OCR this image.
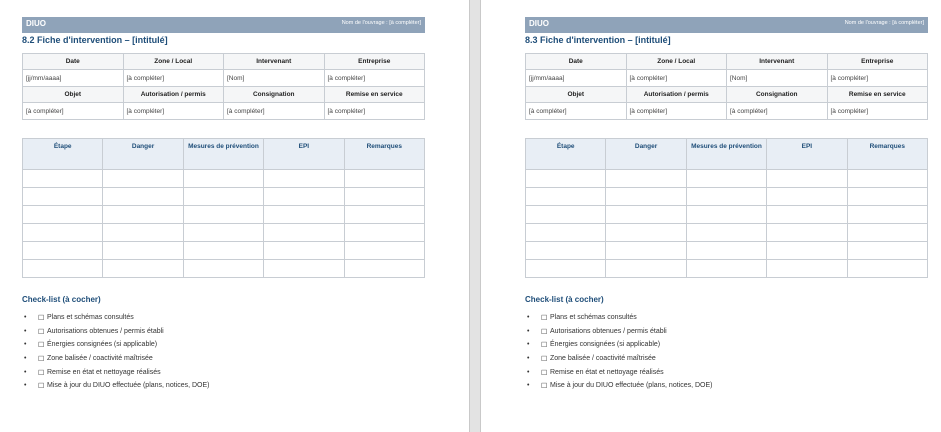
DIUO	Nom de l'ouvrage : [à compléter]
8.2 Fiche d'intervention – [intitulé]
Date	Zone / Local	Intervenant	Entreprise
[jj/mm/aaaa]	[à compléter]	[Nom]	[à compléter]
Objet	Autorisation / permis	Consignation	Remise en service
[à compléter]	[à compléter]	[à compléter]	[à compléter]
Étape	Danger	Mesures de prévention	EPI	Remarques

Check-list (à cocher)
• ☐ Plans et schémas consultés
• ☐ Autorisations obtenues / permis établi
• ☐ Énergies consignées (si applicable)
• ☐ Zone balisée / coactivité maîtrisée
• ☐ Remise en état et nettoyage réalisés
• ☐ Mise à jour du DIUO effectuée (plans, notices, DOE)
DIUO	Nom de l'ouvrage : [à compléter]
8.3 Fiche d'intervention – [intitulé]
Date	Zone / Local	Intervenant	Entreprise
[jj/mm/aaaa]	[à compléter]	[Nom]	[à compléter]
Objet	Autorisation / permis	Consignation	Remise en service
[à compléter]	[à compléter]	[à compléter]	[à compléter]
Étape	Danger	Mesures de prévention	EPI	Remarques

Check-list (à cocher)
• ☐ Plans et schémas consultés
• ☐ Autorisations obtenues / permis établi
• ☐ Énergies consignées (si applicable)
• ☐ Zone balisée / coactivité maîtrisée
• ☐ Remise en état et nettoyage réalisés
• ☐ Mise à jour du DIUO effectuée (plans, notices, DOE)
